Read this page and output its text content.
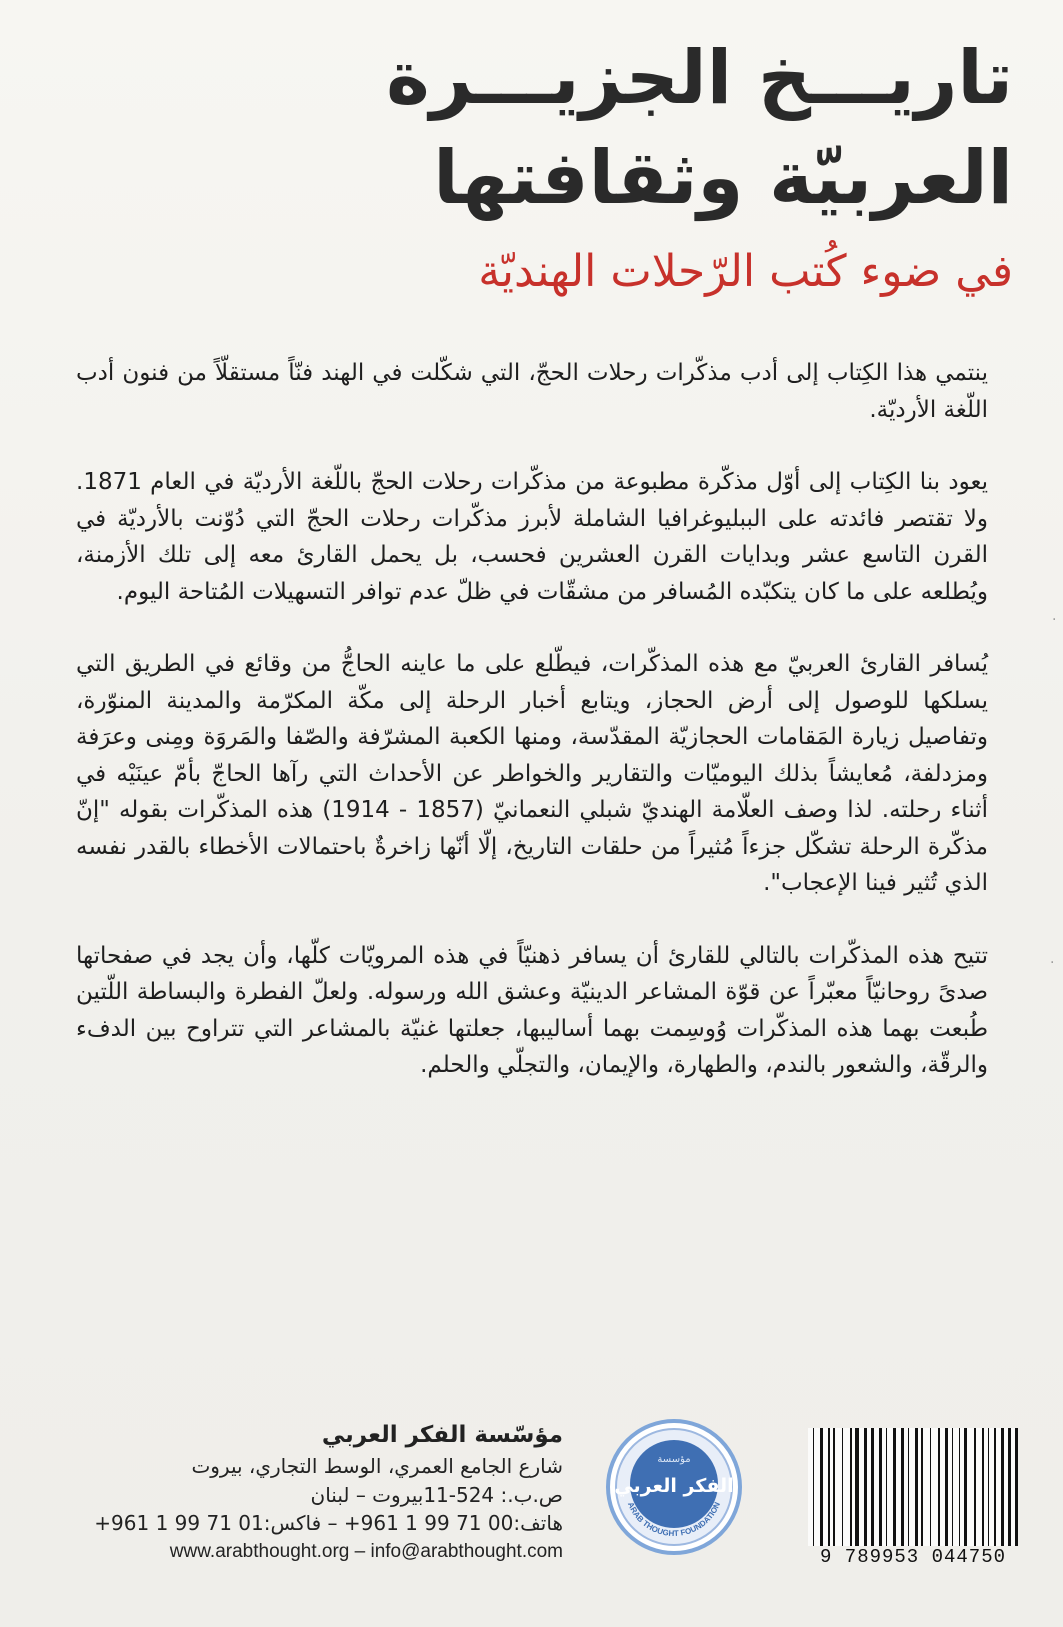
تاريـــخ الجزيـــرة
العربيّة وثقافتها
في ضوء كُتب الرّحلات الهنديّة

ينتمي هذا الكِتاب إلى أدب مذكّرات رحلات الحجّ، التي شكّلت في الهند فنّاً مستقلّاً من فنون أدب اللّغة الأرديّة.

يعود بنا الكِتاب إلى أوّل مذكّرة مطبوعة من مذكّرات رحلات الحجّ باللّغة الأرديّة في العام 1871. ولا تقتصر فائدته على الببليوغرافيا الشاملة لأبرز مذكّرات رحلات الحجّ التي دُوّنت بالأرديّة في القرن التاسع عشر وبدايات القرن العشرين فحسب، بل يحمل القارئ معه إلى تلك الأزمنة، ويُطلعه على ما كان يتكبّده المُسافر من مشقّات في ظلّ عدم توافر التسهيلات المُتاحة اليوم.

يُسافر القارئ العربيّ مع هذه المذكّرات، فيطّلع على ما عاينه الحاجُّ من وقائع في الطريق التي يسلكها للوصول إلى أرض الحجاز، ويتابع أخبار الرحلة إلى مكّة المكرّمة والمدينة المنوّرة، وتفاصيل زيارة المَقامات الحجازيّة المقدّسة، ومنها الكعبة المشرّفة والصّفا والمَروَة ومِنى وعرَفة ومزدلفة، مُعايشاً بذلك اليوميّات والتقارير والخواطر عن الأحداث التي رآها الحاجّ بأمّ عينَيْه في أثناء رحلته. لذا وصف العلّامة الهنديّ شبلي النعمانيّ (1857 - 1914) هذه المذكّرات بقوله "إنّ مذكّرة الرحلة تشكّل جزءاً مُثيراً من حلقات التاريخ، إلّا أنّها زاخرةٌ باحتمالات الأخطاء بالقدر نفسه الذي تُثير فينا الإعجاب".

تتيح هذه المذكّرات بالتالي للقارئ أن يسافر ذهنيّاً في هذه المرويّات كلّها، وأن يجد في صفحاتها صدىً روحانيّاً معبّراً عن قوّة المشاعر الدينيّة وعشق الله ورسوله. ولعلّ الفطرة والبساطة اللّتين طُبعت بهما هذه المذكّرات وُوسِمت بهما أساليبها، جعلتها غنيّة بالمشاعر التي تتراوح بين الدفء والرقّة، والشعور بالندم، والطهارة، والإيمان، والتجلّي والحلم.

مؤسّسة الفكر العربي
شارع الجامع العمري، الوسط التجاري، بيروت
ص.ب.: 524-11بيروت – لبنان
هاتف:00 71 99 1 961+ – فاكس:01 71 99 1 961+
www.arabthought.org – info@arabthought.com
مؤسسة
الفكر العربي
ARAB THOUGHT FOUNDATION
9 789953 044750
·
·
